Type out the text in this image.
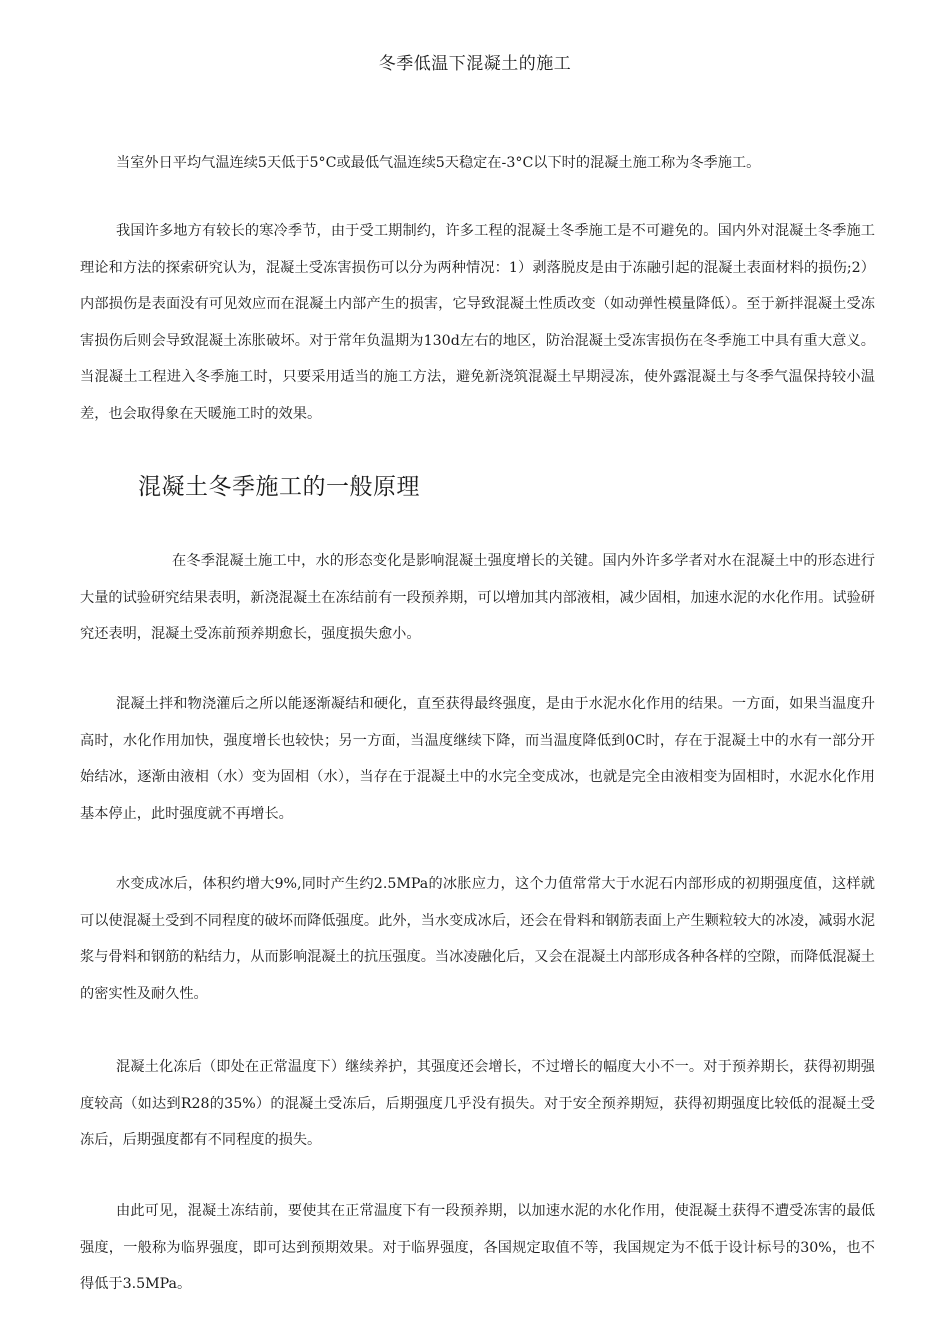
冬季低温下混凝土的施工

当室外日平均气温连续5天低于5°C或最低气温连续5天稳定在-3°C以下时的混凝土施工称为冬季施工。

我国许多地方有较长的寒冷季节，由于受工期制约，许多工程的混凝土冬季施工是不可避免的。国内外对混凝土冬季施工理论和方法的探索研究认为，混凝土受冻害损伤可以分为两种情况：1）剥落脱皮是由于冻融引起的混凝土表面材料的损伤;2）内部损伤是表面没有可见效应而在混凝土内部产生的损害，它导致混凝土性质改变（如动弹性模量降低）。至于新拌混凝土受冻害损伤后则会导致混凝土冻胀破坏。对于常年负温期为130d左右的地区，防治混凝土受冻害损伤在冬季施工中具有重大意义。当混凝土工程进入冬季施工时，只要采用适当的施工方法，避免新浇筑混凝土早期浸冻，使外露混凝土与冬季气温保持较小温差，也会取得象在天暖施工时的效果。

混凝土冬季施工的一般原理

在冬季混凝土施工中，水的形态变化是影响混凝土强度增长的关键。国内外许多学者对水在混凝土中的形态进行大量的试验研究结果表明，新浇混凝土在冻结前有一段预养期，可以增加其内部液相，减少固相，加速水泥的水化作用。试验研究还表明，混凝土受冻前预养期愈长，强度损失愈小。

混凝土拌和物浇灌后之所以能逐渐凝结和硬化，直至获得最终强度，是由于水泥水化作用的结果。一方面，如果当温度升高时，水化作用加快，强度增长也较快；另一方面，当温度继续下降，而当温度降低到0C时，存在于混凝土中的水有一部分开始结冰，逐渐由液相（水）变为固相（水），当存在于混凝土中的水完全变成冰，也就是完全由液相变为固相时，水泥水化作用基本停止，此时强度就不再增长。

水变成冰后，体积约增大9%,同时产生约2.5MPa的冰胀应力，这个力值常常大于水泥石内部形成的初期强度值，这样就可以使混凝土受到不同程度的破坏而降低强度。此外，当水变成冰后，还会在骨料和钢筋表面上产生颗粒较大的冰凌，减弱水泥浆与骨料和钢筋的粘结力，从而影响混凝土的抗压强度。当冰凌融化后，又会在混凝土内部形成各种各样的空隙，而降低混凝土的密实性及耐久性。

混凝土化冻后（即处在正常温度下）继续养护，其强度还会增长，不过增长的幅度大小不一。对于预养期长，获得初期强度较高（如达到R28的35%）的混凝土受冻后，后期强度几乎没有损失。对于安全预养期短，获得初期强度比较低的混凝土受冻后，后期强度都有不同程度的损失。

由此可见，混凝土冻结前，要使其在正常温度下有一段预养期，以加速水泥的水化作用，使混凝土获得不遭受冻害的最低强度，一般称为临界强度，即可达到预期效果。对于临界强度，各国规定取值不等，我国规定为不低于设计标号的30%，也不得低于3.5MPa。
